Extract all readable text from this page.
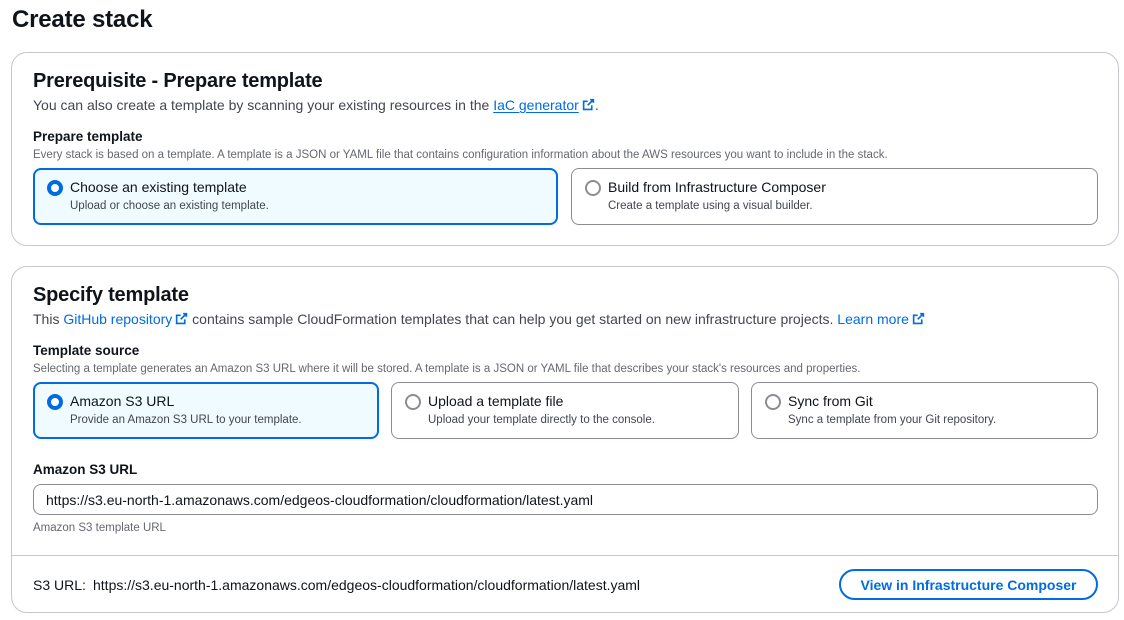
Create stack
Prerequisite - Prepare template
You can also create a template by scanning your existing resources in the IaC generator .
Prepare template
Every stack is based on a template. A template is a JSON or YAML file that contains configuration information about the AWS resources you want to include in the stack.
Choose an existing template
Upload or choose an existing template.
Build from Infrastructure Composer
Create a template using a visual builder.
Specify template
This GitHub repository contains sample CloudFormation templates that can help you get started on new infrastructure projects. Learn more
Template source
Selecting a template generates an Amazon S3 URL where it will be stored. A template is a JSON or YAML file that describes your stack's resources and properties.
Amazon S3 URL
Provide an Amazon S3 URL to your template.
Upload a template file
Upload your template directly to the console.
Sync from Git
Sync a template from your Git repository.
Amazon S3 URL
https://s3.eu-north-1.amazonaws.com/edgeos-cloudformation/cloudformation/latest.yaml
Amazon S3 template URL
S3 URL: https://s3.eu-north-1.amazonaws.com/edgeos-cloudformation/cloudformation/latest.yaml	View in Infrastructure Composer
